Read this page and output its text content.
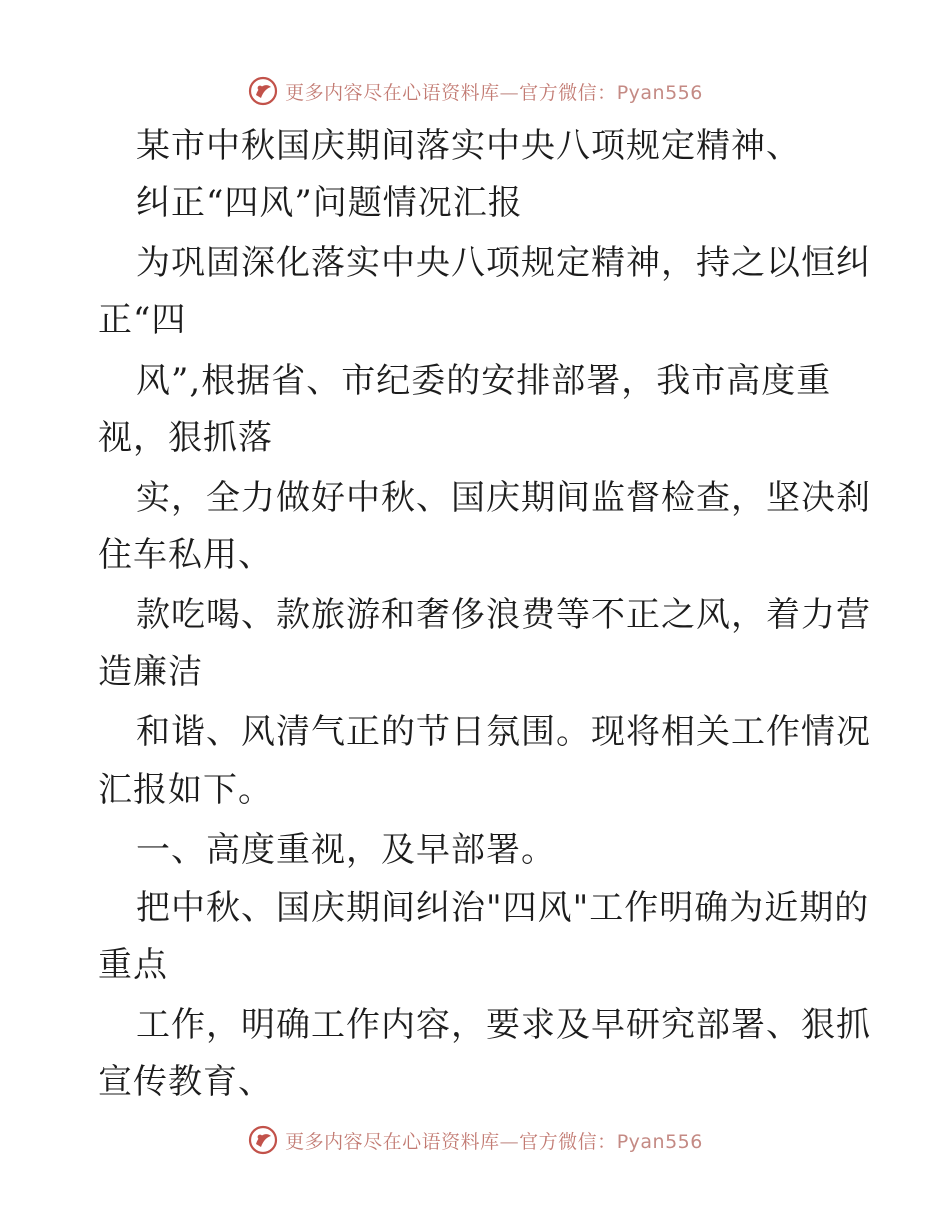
更多内容尽在心语资料库—官方微信：Pyan556
某市中秋国庆期间落实中央八项规定精神、
纠正“四风”问题情况汇报
为巩固深化落实中央八项规定精神，持之以恒纠
正“四
风”,根据省、市纪委的安排部署，我市高度重
视，狠抓落
实，全力做好中秋、国庆期间监督检查，坚决刹
住车私用、
款吃喝、款旅游和奢侈浪费等不正之风，着力营
造廉洁
和谐、风清气正的节日氛围。现将相关工作情况
汇报如下。
一、高度重视，及早部署。
把中秋、国庆期间纠治"四风"工作明确为近期的
重点
工作，明确工作内容，要求及早研究部署、狠抓
宣传教育、
更多内容尽在心语资料库—官方微信：Pyan556
